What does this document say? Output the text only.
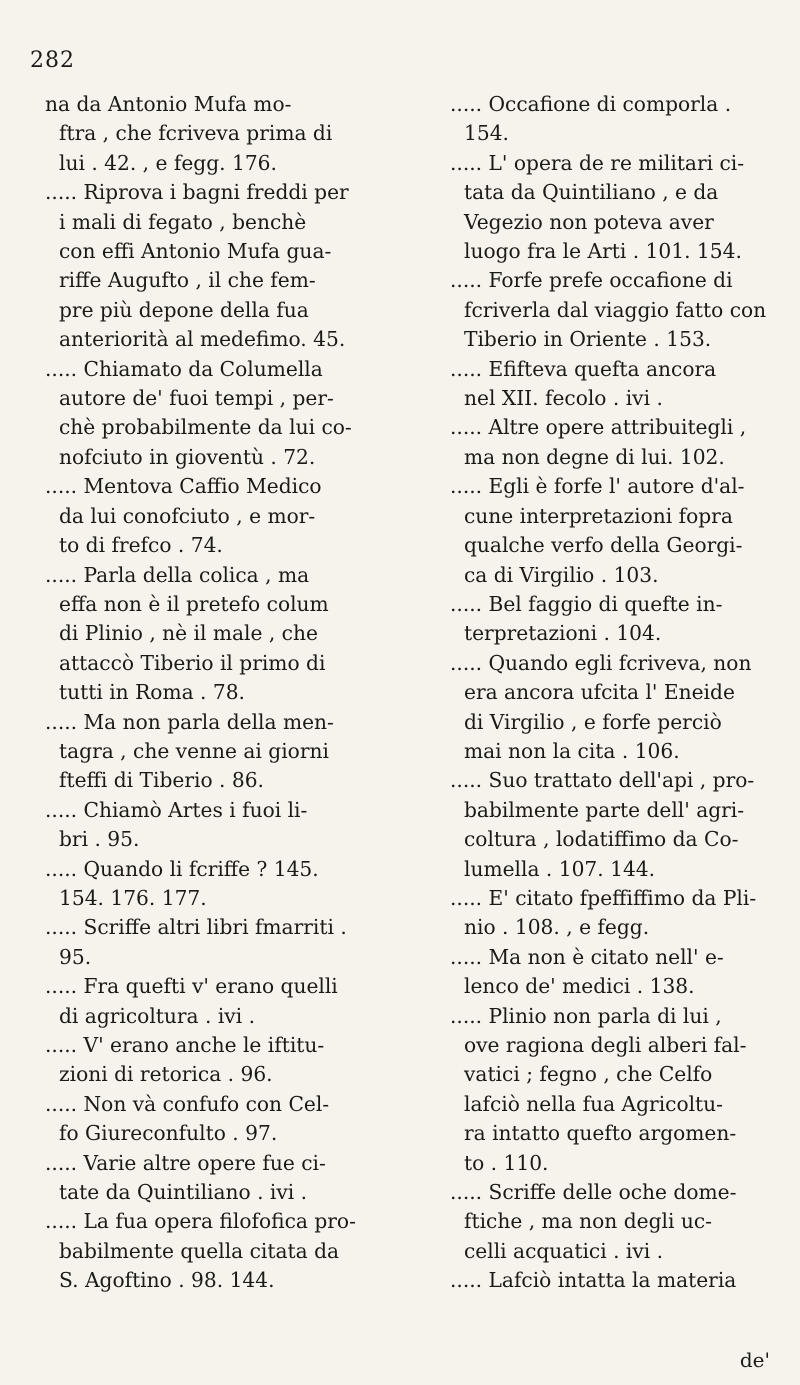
282

na da Antonio Mufa mo-

ftra , che fcriveva prima di

lui . 42. , e fegg. 176.

..... Riprova i bagni freddi per

i mali di fegato , benchè

con effi Antonio Mufa gua-

riffe Augufto , il che fem-

pre più depone della fua

anteriorità al medefimo. 45.

..... Chiamato da Columella

autore de' fuoi tempi , per-

chè probabilmente da lui co-

nofciuto in gioventù . 72.

..... Mentova Caffio Medico

da lui conofciuto , e mor-

to di frefco . 74.

..... Parla della colica , ma

effa non è il pretefo colum

di Plinio , nè il male , che

attaccò Tiberio il primo di

tutti in Roma . 78.

..... Ma non parla della men-

tagra , che venne ai giorni

fteffi di Tiberio . 86.

..... Chiamò Artes i fuoi li-

bri . 95.

..... Quando li fcriffe ? 145.

154. 176. 177.

..... Scriffe altri libri fmarriti .

95.

..... Fra quefti v' erano quelli

di agricoltura . ivi .

..... V' erano anche le iftitu-

zioni di retorica . 96.

..... Non và confufo con Cel-

fo Giureconfulto . 97.

..... Varie altre opere fue ci-

tate da Quintiliano . ivi .

..... La fua opera filofofica pro-

babilmente quella citata da

S. Agoftino . 98. 144.

..... Occafione di comporla .

154.

..... L' opera de re militari ci-

tata da Quintiliano , e da

Vegezio non poteva aver

luogo fra le Arti . 101. 154.

..... Forfe prefe occafione di

fcriverla dal viaggio fatto con

Tiberio in Oriente . 153.

..... Efifteva quefta ancora

nel XII. fecolo . ivi .

..... Altre opere attribuitegli ,

ma non degne di lui. 102.

..... Egli è forfe l' autore d'al-

cune interpretazioni fopra

qualche verfo della Georgi-

ca di Virgilio . 103.

..... Bel faggio di quefte in-

terpretazioni . 104.

..... Quando egli fcriveva, non

era ancora ufcita l' Eneide

di Virgilio , e forfe perciò

mai non la cita . 106.

..... Suo trattato dell'api , pro-

babilmente parte dell' agri-

coltura , lodatiffimo da Co-

lumella . 107. 144.

..... E' citato fpeffiffimo da Pli-

nio . 108. , e fegg.

..... Ma non è citato nell' e-

lenco de' medici . 138.

..... Plinio non parla di lui ,

ove ragiona degli alberi fal-

vatici ; fegno , che Celfo

lafciò nella fua Agricoltu-

ra intatto quefto argomen-

to . 110.

..... Scriffe delle oche dome-

ftiche , ma non degli uc-

celli acquatici . ivi .

..... Lafciò intatta la materia

de'
